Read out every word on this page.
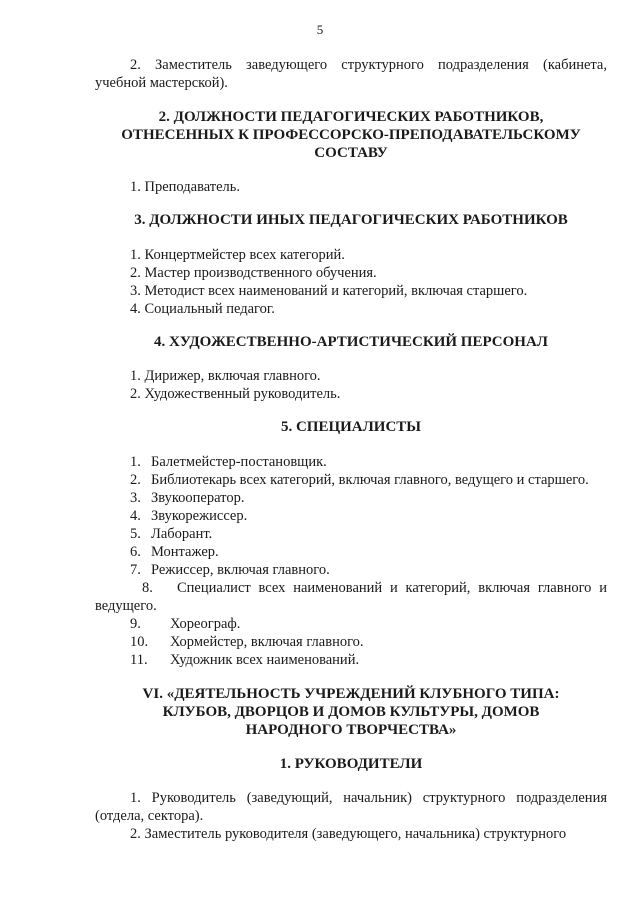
5
2. Заместитель заведующего структурного подразделения (кабинета, учебной мастерской).
2. ДОЛЖНОСТИ ПЕДАГОГИЧЕСКИХ РАБОТНИКОВ,
ОТНЕСЕННЫХ К ПРОФЕССОРСКО-ПРЕПОДАВАТЕЛЬСКОМУ
СОСТАВУ
1. Преподаватель.
3. ДОЛЖНОСТИ ИНЫХ ПЕДАГОГИЧЕСКИХ РАБОТНИКОВ
1. Концертмейстер всех категорий.
2. Мастер производственного обучения.
3. Методист всех наименований и категорий, включая старшего.
4. Социальный педагог.
4. ХУДОЖЕСТВЕННО-АРТИСТИЧЕСКИЙ ПЕРСОНАЛ
1. Дирижер, включая главного.
2. Художественный руководитель.
5. СПЕЦИАЛИСТЫ
1. Балетмейстер-постановщик.
2. Библиотекарь всех категорий, включая главного, ведущего и старшего.
3. Звукооператор.
4. Звукорежиссер.
5. Лаборант.
6. Монтажер.
7. Режиссер, включая главного.
8. Специалист всех наименований и категорий, включая главного и ведущего.
9. Хореограф.
10. Хормейстер, включая главного.
11. Художник всех наименований.
VI. «ДЕЯТЕЛЬНОСТЬ УЧРЕЖДЕНИЙ КЛУБНОГО ТИПА:
КЛУБОВ, ДВОРЦОВ И ДОМОВ КУЛЬТУРЫ, ДОМОВ
НАРОДНОГО ТВОРЧЕСТВА»
1. РУКОВОДИТЕЛИ
1. Руководитель (заведующий, начальник) структурного подразделения (отдела, сектора).
2. Заместитель руководителя (заведующего, начальника) структурного
